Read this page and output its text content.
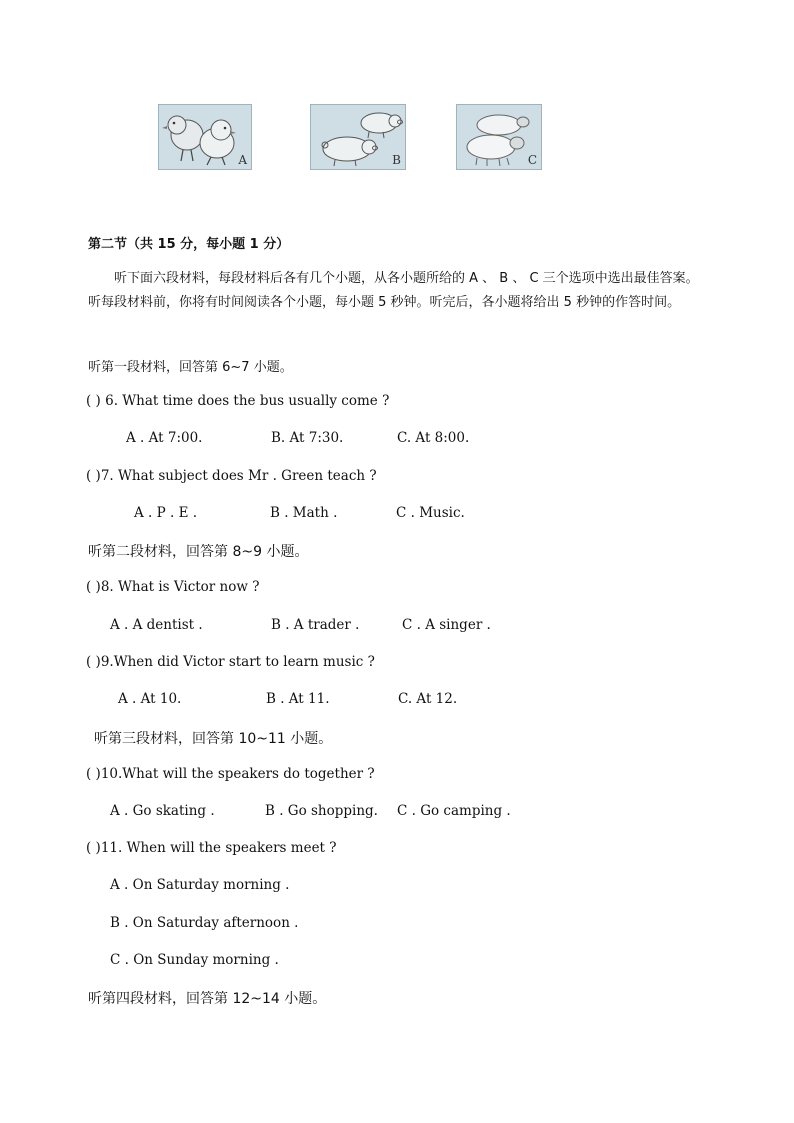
A	B	C
第二节（共 15 分，每小题 1 分）
听下面六段材料，每段材料后各有几个小题，从各小题所给的 A 、 B 、 C 三个选项中选出最佳答案。听每段材料前，你将有时间阅读各个小题，每小题 5 秒钟。听完后，各小题将给出 5 秒钟的作答时间。
听第一段材料，回答第 6~7 小题。
( ) 6. What time does the bus usually come ?
A . At 7:00.	B. At 7:30.	C. At 8:00.
( )7. What subject does Mr . Green teach ?
A . P . E .	B . Math .	C . Music.
听第二段材料，回答第 8~9 小题。
( )8. What is Victor now ?
A . A dentist .	B . A trader .	C . A singer .
( )9.When did Victor start to learn music ?
A . At 10.	B . At 11.	C. At 12.
听第三段材料，回答第 10~11 小题。
( )10.What will the speakers do together ?
A . Go skating .	B . Go shopping. C . Go camping .
( )11. When will the speakers meet ?
A . On Saturday morning .
B . On Saturday afternoon .
C . On Sunday morning .
听第四段材料，回答第 12~14 小题。
